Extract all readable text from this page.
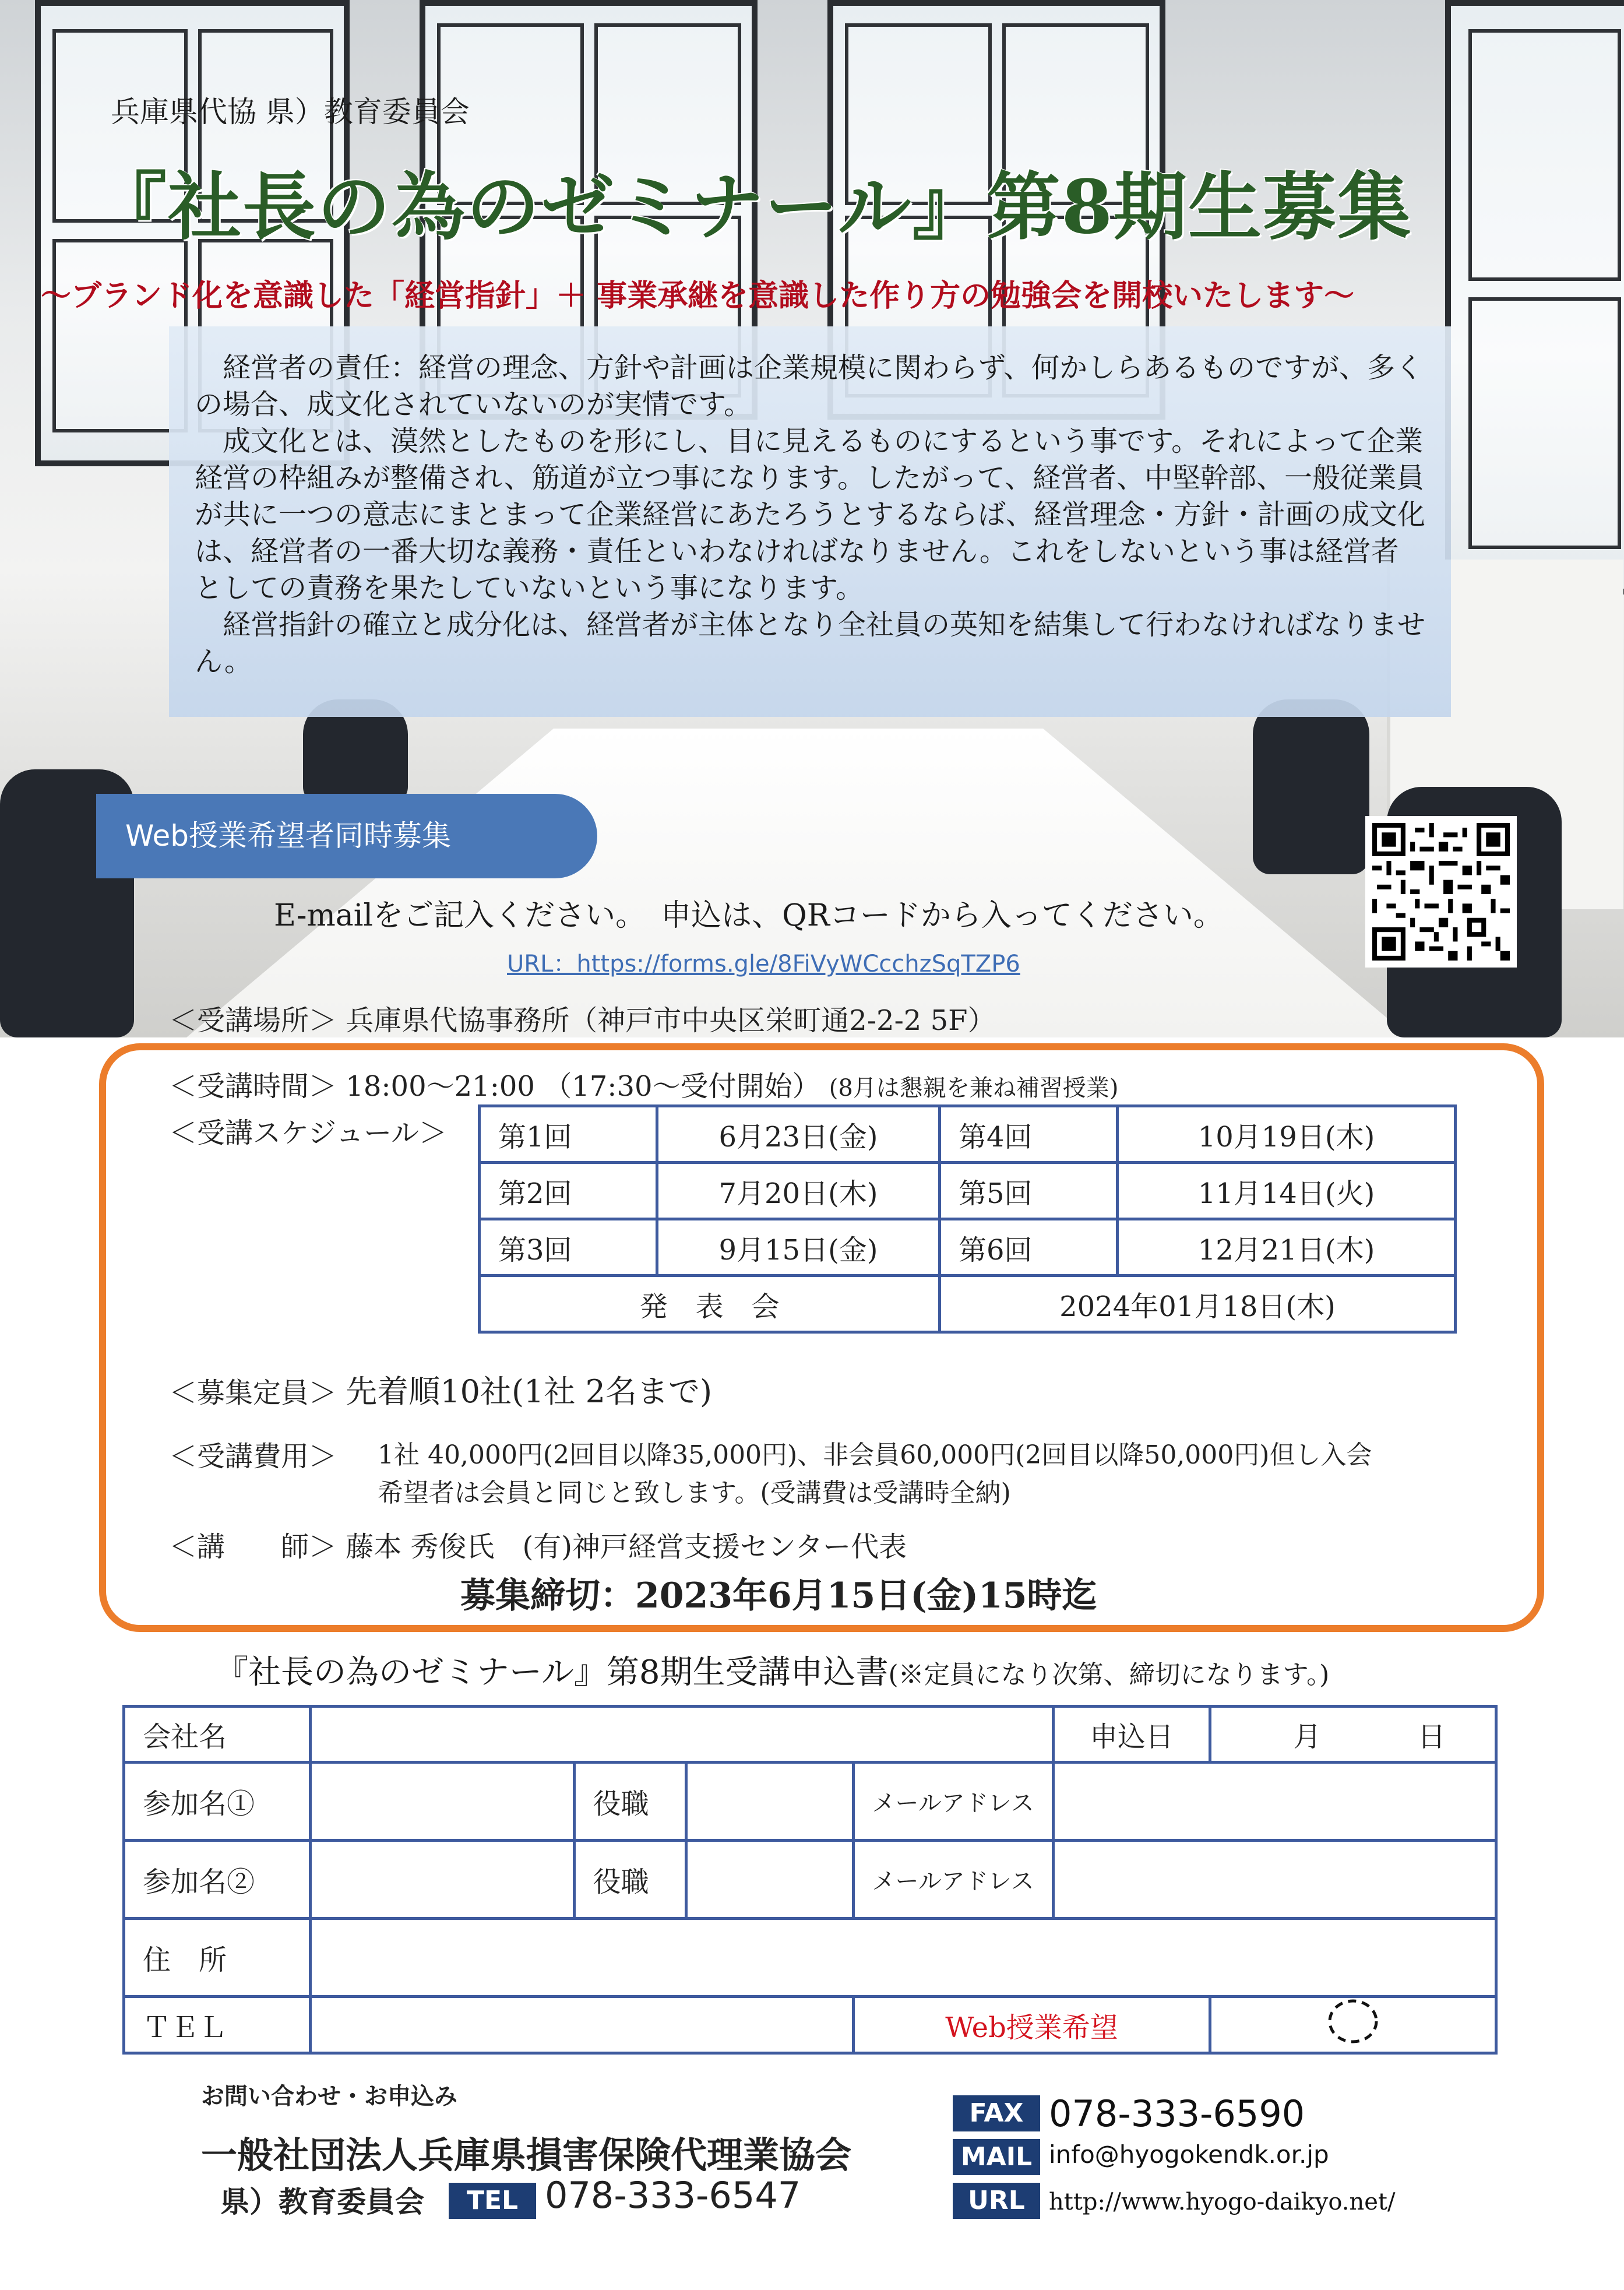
兵庫県代協 県）教育委員会
『社長の為のゼミナール』第8期生募集
～ブランド化を意識した「経営指針」＋ 事業承継を意識した作り方の勉強会を開校いたします～

経営者の責任：経営の理念、方針や計画は企業規模に関わらず、何かしらあるものですが、多くの場合、成文化されていないのが実情です。

成文化とは、漠然としたものを形にし、目に見えるものにするという事です。それによって企業経営の枠組みが整備され、筋道が立つ事になります。したがって、経営者、中堅幹部、一般従業員が共に一つの意志にまとまって企業経営にあたろうとするならば、経営理念・方針・計画の成文化は、経営者の一番大切な義務・責任といわなければなりません。これをしないという事は経営者としての責務を果たしていないという事になります。

経営指針の確立と成分化は、経営者が主体となり全社員の英知を結集して行わなければなりません。

Web授業希望者同時募集
E-mailをご記入ください。　申込は、QRコードから入ってください。
URL：https://forms.gle/8FiVyWCcchzSqTZP6
＜受講場所＞ 兵庫県代協事務所（神戸市中央区栄町通2-2-2 5F）
＜受講時間＞ 18:00～21:00 （17:30～受付開始） (8月は懇親を兼ね補習授業)
＜受講スケジュール＞ 第1回	6月23日(金)	第4回	10月19日(木)
第2回	7月20日(木)	第5回	11月14日(火)
第3回	9月15日(金)	第6回	12月21日(木)
発　表　会		2024年01月18日(木)	
＜募集定員＞ 先着順10社(1社 2名まで)
＜受講費用＞ 1社 40,000円(2回目以降35,000円)、非会員60,000円(2回目以降50,000円)但し入会
希望者は会員と同じと致します。(受講費は受講時全納)
＜講　　師＞ 藤本 秀俊氏　(有)神戸経営支援センター代表
募集締切：2023年6月15日(金)15時迄
『社長の為のゼミナール』第8期生受講申込書(※定員になり次第、締切になります。)
会社名					申込日	月 日
参加名①		役職		メールアドレス		
参加名②		役職		メールアドレス		
住　所						
ＴＥＬ				Web授業希望	
お問い合わせ・お申込み
一般社団法人兵庫県損害保険代理業協会
県）教育委員会	TEL 078-333-6547
FAX 078-333-6590
MAIL info@hyogokendk.or.jp
URL	http://www.hyogo-daikyo.net/
